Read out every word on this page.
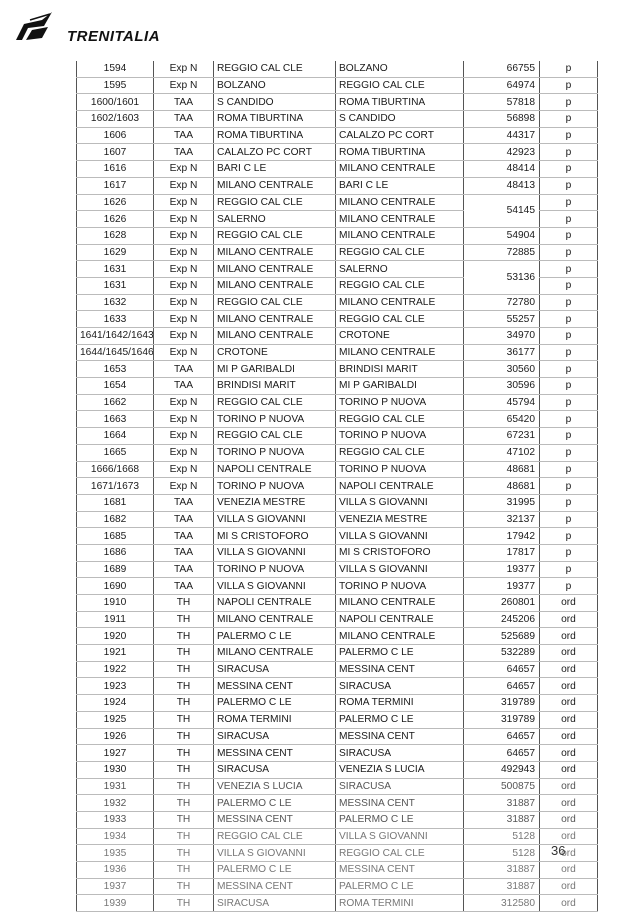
TRENITALIA
1594	Exp N	REGGIO CAL CLE	BOLZANO	66755	p
1595	Exp N	BOLZANO	REGGIO CAL CLE	64974	p
1600/1601	TAA	S CANDIDO	ROMA TIBURTINA	57818	p
1602/1603	TAA	ROMA TIBURTINA	S CANDIDO	56898	p
1606	TAA	ROMA TIBURTINA	CALALZO PC CORT	44317	p
1607	TAA	CALALZO PC CORT	ROMA TIBURTINA	42923	p
1616	Exp N	BARI C LE	MILANO CENTRALE	48414	p
1617	Exp N	MILANO CENTRALE	BARI C LE	48413	p
1626	Exp N	REGGIO CAL CLE	MILANO CENTRALE	54145	p
1626	Exp N	SALERNO	MILANO CENTRALE		p
1628	Exp N	REGGIO CAL CLE	MILANO CENTRALE	54904	p
1629	Exp N	MILANO CENTRALE	REGGIO CAL CLE	72885	p
1631	Exp N	MILANO CENTRALE	SALERNO	53136	p
1631	Exp N	MILANO CENTRALE	REGGIO CAL CLE		p
1632	Exp N	REGGIO CAL CLE	MILANO CENTRALE	72780	p
1633	Exp N	MILANO CENTRALE	REGGIO CAL CLE	55257	p
1641/1642/1643	Exp N	MILANO CENTRALE	CROTONE	34970	p
1644/1645/1646	Exp N	CROTONE	MILANO CENTRALE	36177	p
1653	TAA	MI P GARIBALDI	BRINDISI MARIT	30560	p
1654	TAA	BRINDISI MARIT	MI P GARIBALDI	30596	p
1662	Exp N	REGGIO CAL CLE	TORINO P NUOVA	45794	p
1663	Exp N	TORINO P NUOVA	REGGIO CAL CLE	65420	p
1664	Exp N	REGGIO CAL CLE	TORINO P NUOVA	67231	p
1665	Exp N	TORINO P NUOVA	REGGIO CAL CLE	47102	p
1666/1668	Exp N	NAPOLI CENTRALE	TORINO P NUOVA	48681	p
1671/1673	Exp N	TORINO P NUOVA	NAPOLI CENTRALE	48681	p
1681	TAA	VENEZIA MESTRE	VILLA S GIOVANNI	31995	p
1682	TAA	VILLA S GIOVANNI	VENEZIA MESTRE	32137	p
1685	TAA	MI S CRISTOFORO	VILLA S GIOVANNI	17942	p
1686	TAA	VILLA S GIOVANNI	MI S CRISTOFORO	17817	p
1689	TAA	TORINO P NUOVA	VILLA S GIOVANNI	19377	p
1690	TAA	VILLA S GIOVANNI	TORINO P NUOVA	19377	p
1910	TH	NAPOLI CENTRALE	MILANO CENTRALE	260801	ord
1911	TH	MILANO CENTRALE	NAPOLI CENTRALE	245206	ord
1920	TH	PALERMO C LE	MILANO CENTRALE	525689	ord
1921	TH	MILANO CENTRALE	PALERMO C LE	532289	ord
1922	TH	SIRACUSA	MESSINA CENT	64657	ord
1923	TH	MESSINA CENT	SIRACUSA	64657	ord
1924	TH	PALERMO C LE	ROMA TERMINI	319789	ord
1925	TH	ROMA TERMINI	PALERMO C LE	319789	ord
1926	TH	SIRACUSA	MESSINA CENT	64657	ord
1927	TH	MESSINA CENT	SIRACUSA	64657	ord
1930	TH	SIRACUSA	VENEZIA S LUCIA	492943	ord
1931	TH	VENEZIA S LUCIA	SIRACUSA	500875	ord
1932	TH	PALERMO C LE	MESSINA CENT	31887	ord
1933	TH	MESSINA CENT	PALERMO C LE	31887	ord
1934	TH	REGGIO CAL CLE	VILLA S GIOVANNI	5128	ord
1935	TH	VILLA S GIOVANNI	REGGIO CAL CLE	5128	ord
1936	TH	PALERMO C LE	MESSINA CENT	31887	ord
1937	TH	MESSINA CENT	PALERMO C LE	31887	ord
1939	TH	SIRACUSA	ROMA TERMINI	312580	ord
36
